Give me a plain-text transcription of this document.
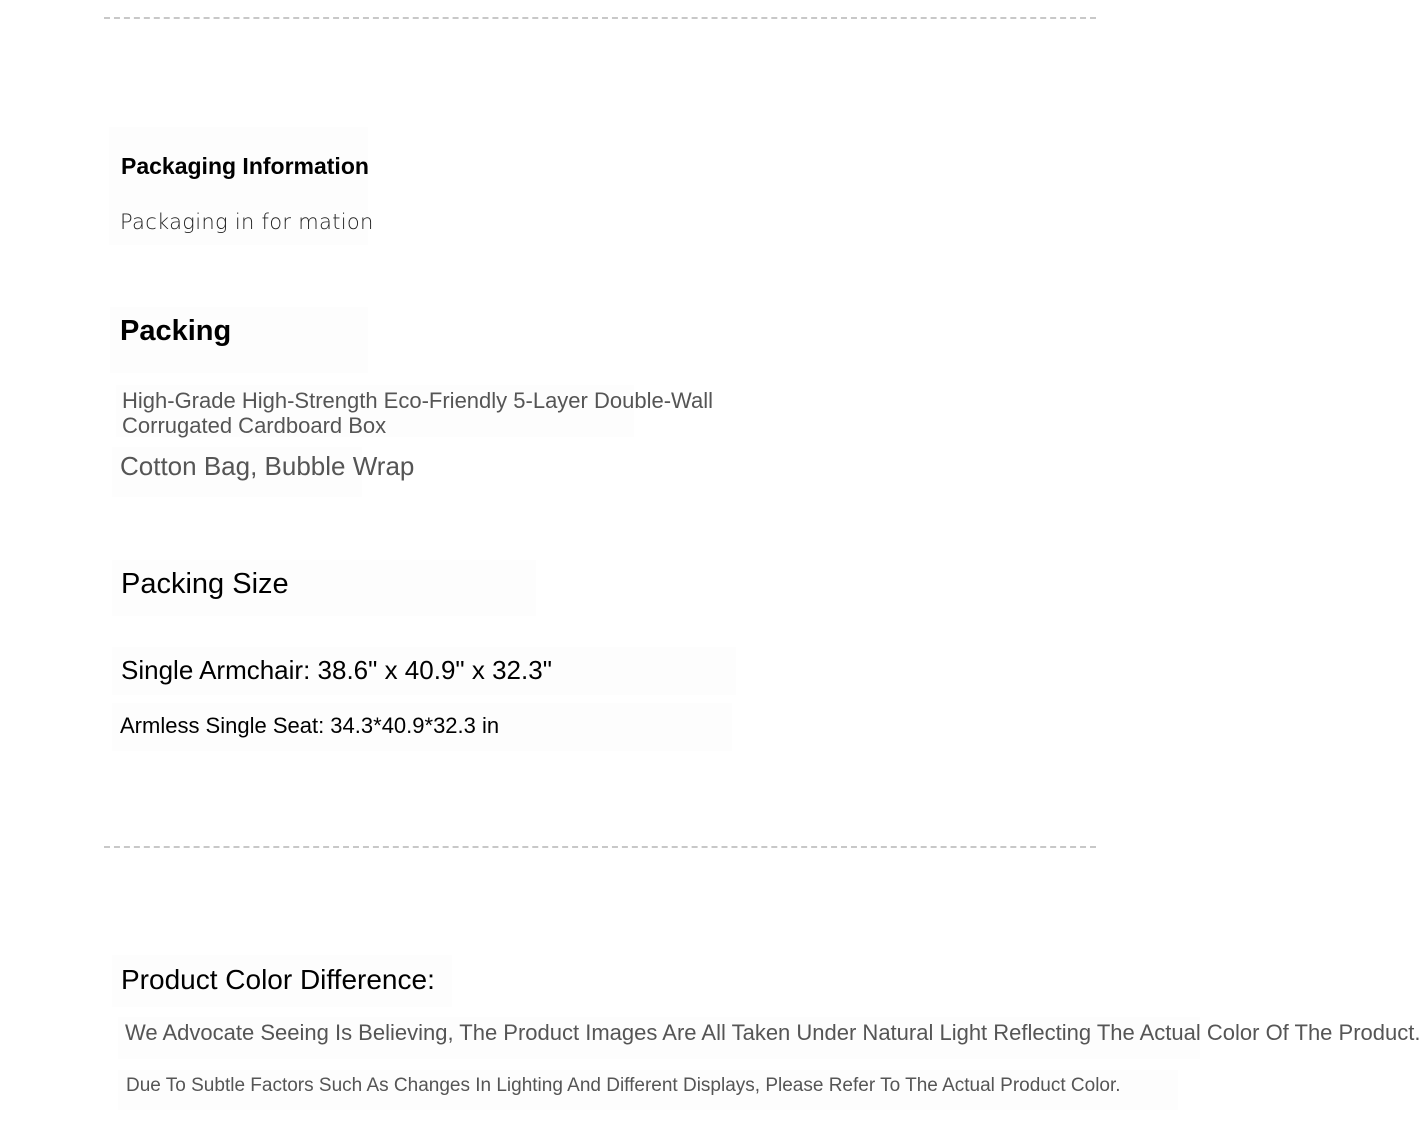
Packaging Information
Packaging in for mation
Packing
High-Grade High-Strength Eco-Friendly 5-Layer Double-Wall
Corrugated Cardboard Box
Cotton Bag, Bubble Wrap
Packing Size
Single Armchair: 38.6" x 40.9" x 32.3"
Armless Single Seat: 34.3*40.9*32.3 in
Product Color Difference:
We Advocate Seeing Is Believing, The Product Images Are All Taken Under Natural Light Reflecting The Actual Color Of The Product.
Due To Subtle Factors Such As Changes In Lighting And Different Displays, Please Refer To The Actual Product Color.
